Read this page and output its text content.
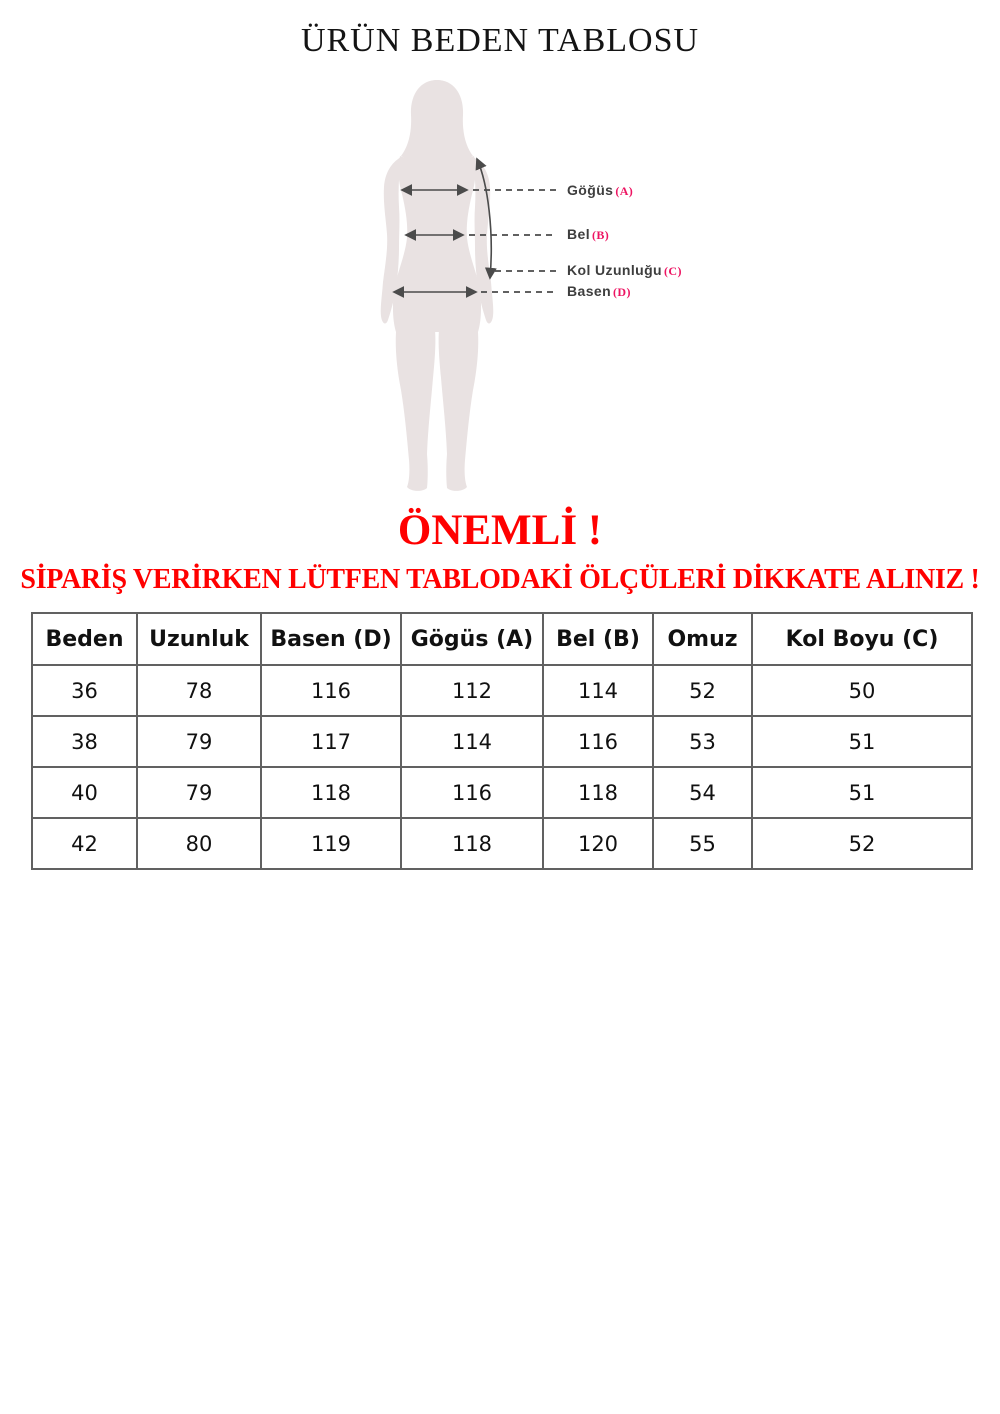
ÜRÜN BEDEN TABLOSU
Göğüs (A)
Bel (B)
Kol Uzunluğu (C)
Basen (D)
ÖNEMLİ !
SİPARİŞ VERİRKEN LÜTFEN TABLODAKİ ÖLÇÜLERİ DİKKATE ALINIZ !
Beden	Uzunluk	Basen (D)	Gögüs (A)	Bel (B)	Omuz	Kol Boyu (C)
36	78	116	112	114	52	50
38	79	117	114	116	53	51
40	79	118	116	118	54	51
42	80	119	118	120	55	52
